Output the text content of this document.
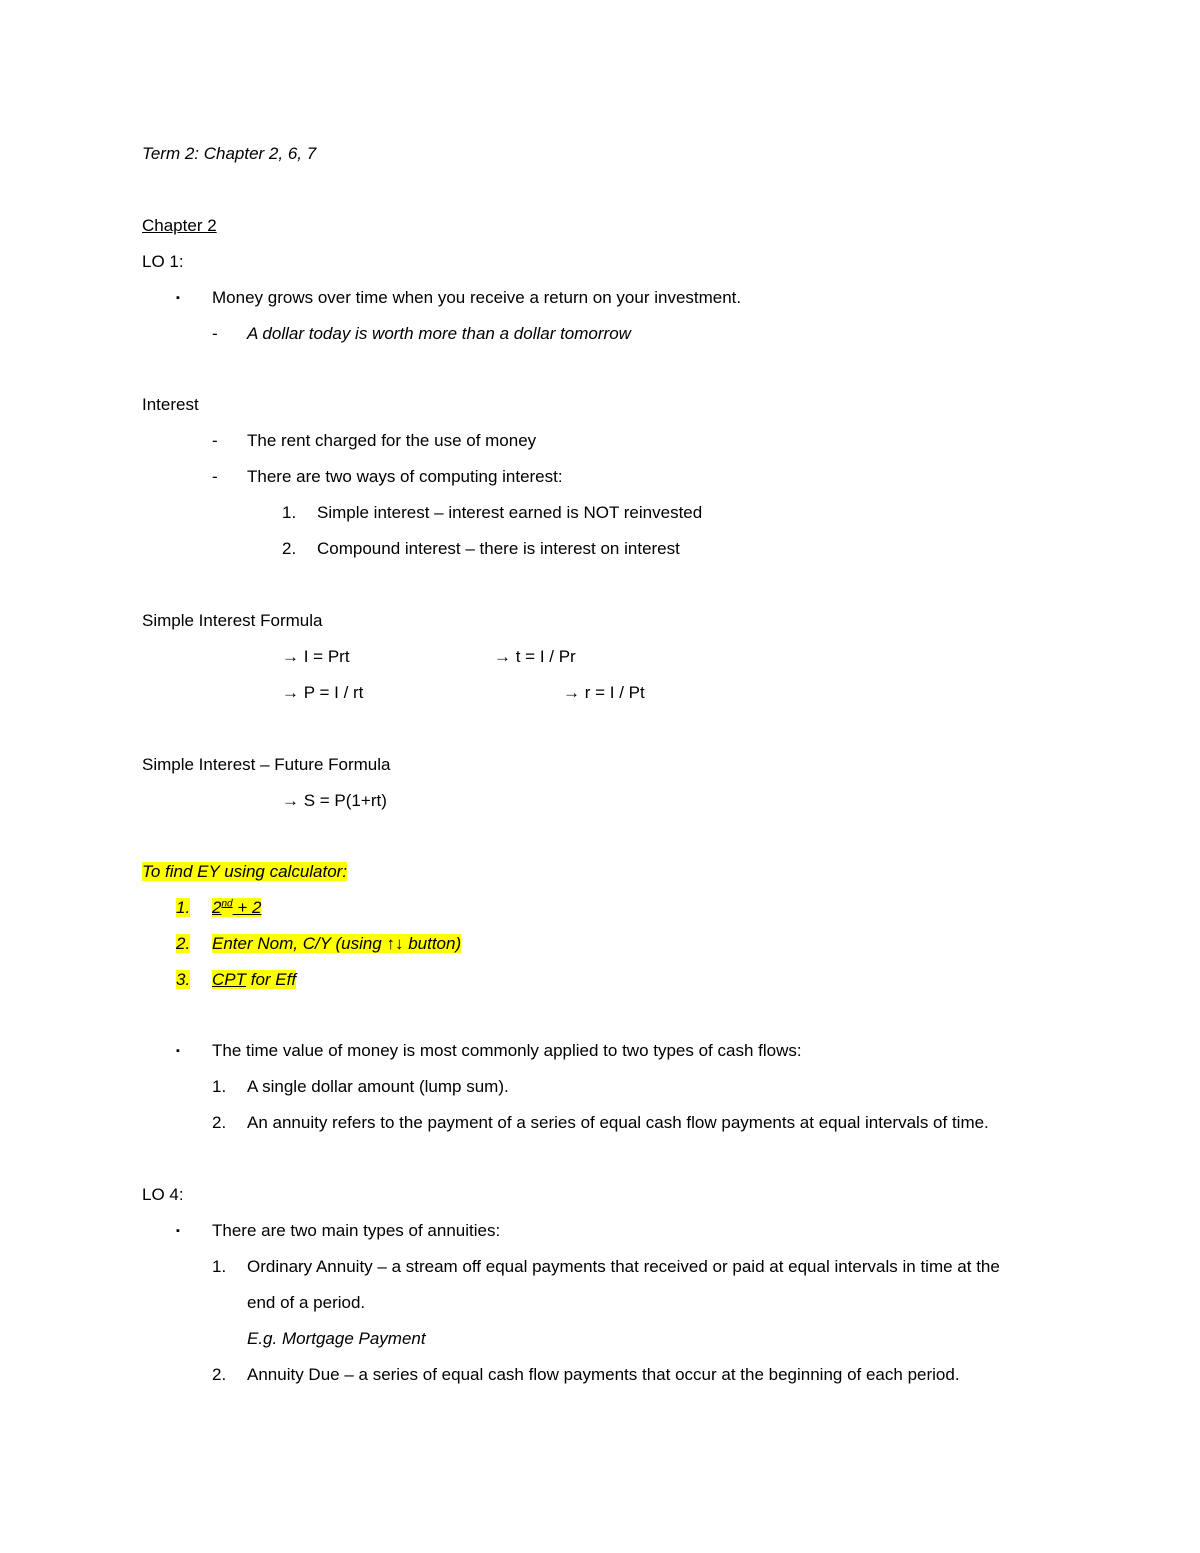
Term 2: Chapter 2, 6, 7
Chapter 2
LO 1:
▪ Money grows over time when you receive a return on your investment.
- A dollar today is worth more than a dollar tomorrow
Interest
- The rent charged for the use of money
- There are two ways of computing interest:
1. Simple interest – interest earned is NOT reinvested
2. Compound interest – there is interest on interest
Simple Interest Formula
→ I = Prt	→ t = I / Pr
→ P = I / rt	→ r = I / Pt
Simple Interest – Future Formula
→ S = P(1+rt)
To find EY using calculator:
1. 2nd + 2
2. Enter Nom, C/Y (using ↑↓ button)
3. CPT for Eff
▪ The time value of money is most commonly applied to two types of cash flows:
1. A single dollar amount (lump sum).
2. An annuity refers to the payment of a series of equal cash flow payments at equal intervals of time.
LO 4:
▪ There are two main types of annuities:
1. Ordinary Annuity – a stream off equal payments that received or paid at equal intervals in time at the
end of a period.
E.g. Mortgage Payment
2. Annuity Due – a series of equal cash flow payments that occur at the beginning of each period.
